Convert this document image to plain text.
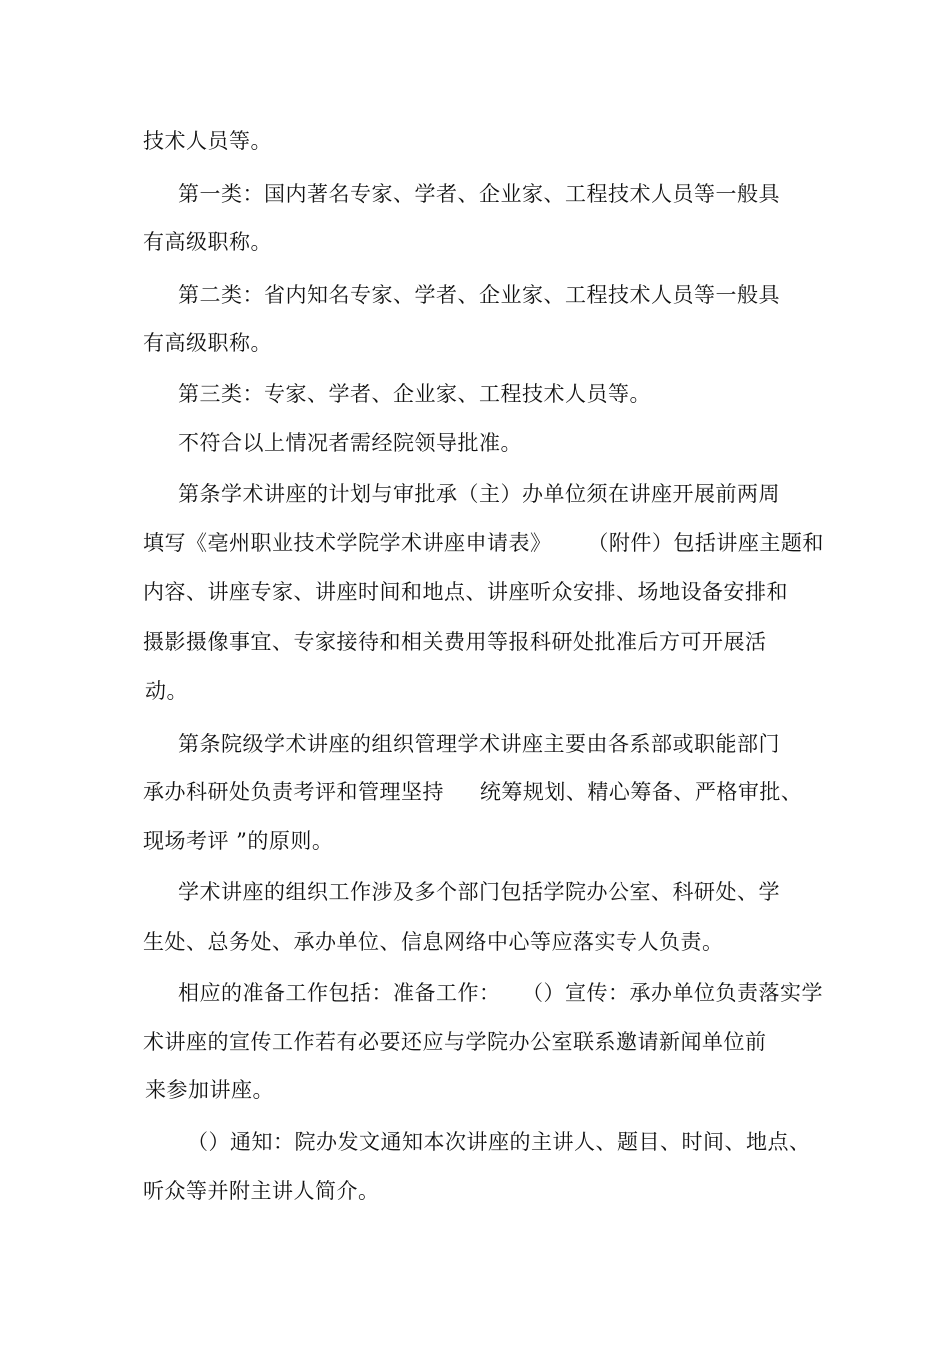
技术人员等。
第一类：国内著名专家、学者、企业家、工程技术人员等一般具
有高级职称。
第二类：省内知名专家、学者、企业家、工程技术人员等一般具
有高级职称。
第三类：专家、学者、企业家、工程技术人员等。
不符合以上情况者需经院领导批准。
第条学术讲座的计划与审批承（主）办单位须在讲座开展前两周
填写《亳州职业技术学院学术讲座申请表》     （附件）包括讲座主题和
内容、讲座专家、讲座时间和地点、讲座听众安排、场地设备安排和
摄影摄像事宜、专家接待和相关费用等报科研处批准后方可开展活
动。
第条院级学术讲座的组织管理学术讲座主要由各系部或职能部门
承办科研处负责考评和管理坚持     统筹规划、精心筹备、严格审批、
现场考评 ”的原则。
学术讲座的组织工作涉及多个部门包括学院办公室、科研处、学
生处、总务处、承办单位、信息网络中心等应落实专人负责。
相应的准备工作包括：准备工作：   （）宣传：承办单位负责落实学
术讲座的宣传工作若有必要还应与学院办公室联系邀请新闻单位前
来参加讲座。
（）通知：院办发文通知本次讲座的主讲人、题目、时间、地点、
听众等并附主讲人简介。
